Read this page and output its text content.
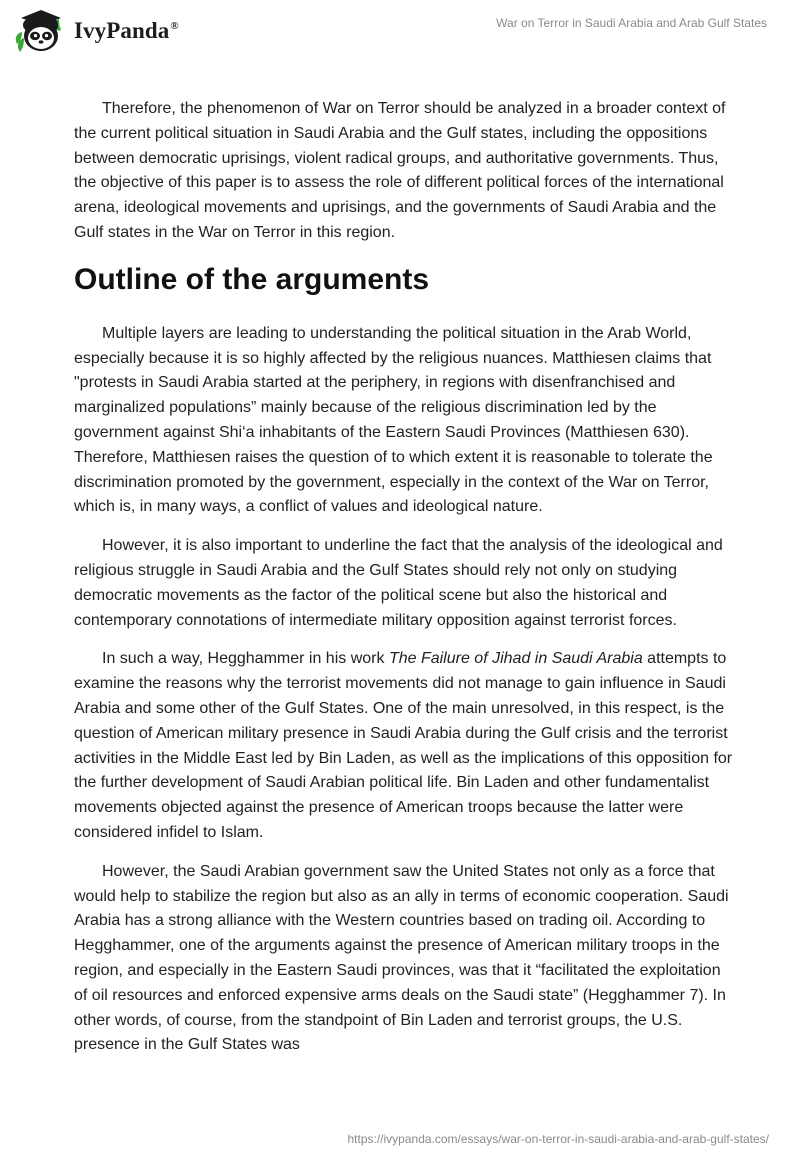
IvyPanda®	War on Terror in Saudi Arabia and Arab Gulf States

Therefore, the phenomenon of War on Terror should be analyzed in a broader context of the current political situation in Saudi Arabia and the Gulf states, including the oppositions between democratic uprisings, violent radical groups, and authoritative governments. Thus, the objective of this paper is to assess the role of different political forces of the international arena, ideological movements and uprisings, and the governments of Saudi Arabia and the Gulf states in the War on Terror in this region.

Outline of the arguments

Multiple layers are leading to understanding the political situation in the Arab World, especially because it is so highly affected by the religious nuances. Matthiesen claims that "protests in Saudi Arabia started at the periphery, in regions with disenfranchised and marginalized populations” mainly because of the religious discrimination led by the government against Shi‘a inhabitants of the Eastern Saudi Provinces (Matthiesen 630). Therefore, Matthiesen raises the question of to which extent it is reasonable to tolerate the discrimination promoted by the government, especially in the context of the War on Terror, which is, in many ways, a conflict of values and ideological nature.

However, it is also important to underline the fact that the analysis of the ideological and religious struggle in Saudi Arabia and the Gulf States should rely not only on studying democratic movements as the factor of the political scene but also the historical and contemporary connotations of intermediate military opposition against terrorist forces.

In such a way, Hegghammer in his work The Failure of Jihad in Saudi Arabia attempts to examine the reasons why the terrorist movements did not manage to gain influence in Saudi Arabia and some other of the Gulf States. One of the main unresolved, in this respect, is the question of American military presence in Saudi Arabia during the Gulf crisis and the terrorist activities in the Middle East led by Bin Laden, as well as the implications of this opposition for the further development of Saudi Arabian political life. Bin Laden and other fundamentalist movements objected against the presence of American troops because the latter were considered infidel to Islam.

However, the Saudi Arabian government saw the United States not only as a force that would help to stabilize the region but also as an ally in terms of economic cooperation. Saudi Arabia has a strong alliance with the Western countries based on trading oil. According to Hegghammer, one of the arguments against the presence of American military troops in the region, and especially in the Eastern Saudi provinces, was that it “facilitated the exploitation of oil resources and enforced expensive arms deals on the Saudi state” (Hegghammer 7). In other words, of course, from the standpoint of Bin Laden and terrorist groups, the U.S. presence in the Gulf States was

https://ivypanda.com/essays/war-on-terror-in-saudi-arabia-and-arab-gulf-states/
